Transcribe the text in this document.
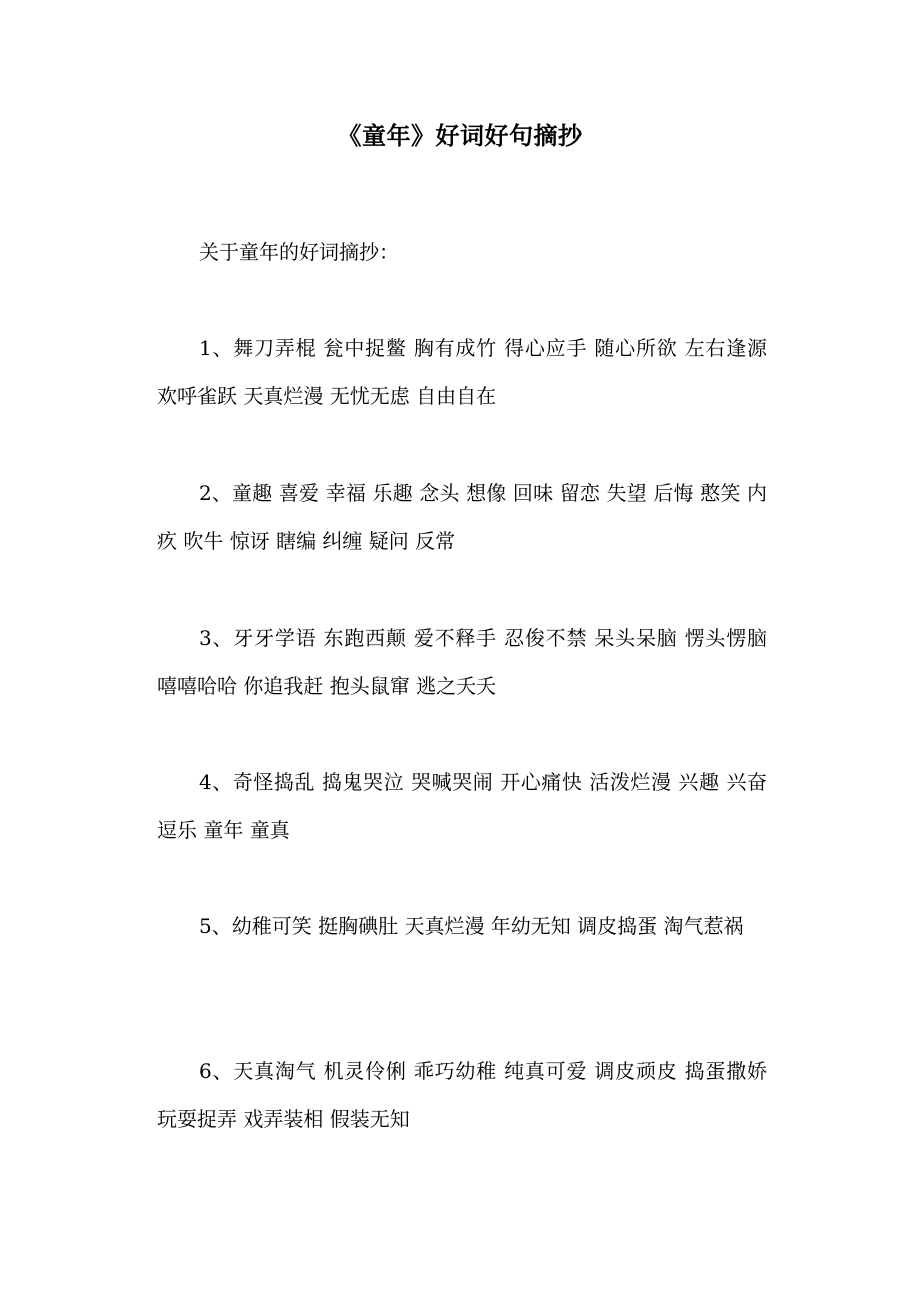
《童年》好词好句摘抄
关于童年的好词摘抄：
1、舞刀弄棍 瓮中捉鳖 胸有成竹 得心应手 随心所欲 左右逢源 欢呼雀跃 天真烂漫 无忧无虑 自由自在
2、童趣 喜爱 幸福 乐趣 念头 想像 回味 留恋 失望 后悔 憨笑 内疚 吹牛 惊讶 瞎编 纠缠 疑问 反常
3、牙牙学语 东跑西颠 爱不释手 忍俊不禁 呆头呆脑 愣头愣脑 嘻嘻哈哈 你追我赶 抱头鼠窜 逃之夭夭
4、奇怪捣乱 捣鬼哭泣 哭喊哭闹 开心痛快 活泼烂漫 兴趣 兴奋 逗乐 童年 童真
5、幼稚可笑 挺胸碘肚 天真烂漫 年幼无知 调皮捣蛋 淘气惹祸
6、天真淘气 机灵伶俐 乖巧幼稚 纯真可爱 调皮顽皮 捣蛋撒娇 玩耍捉弄 戏弄装相 假装无知
